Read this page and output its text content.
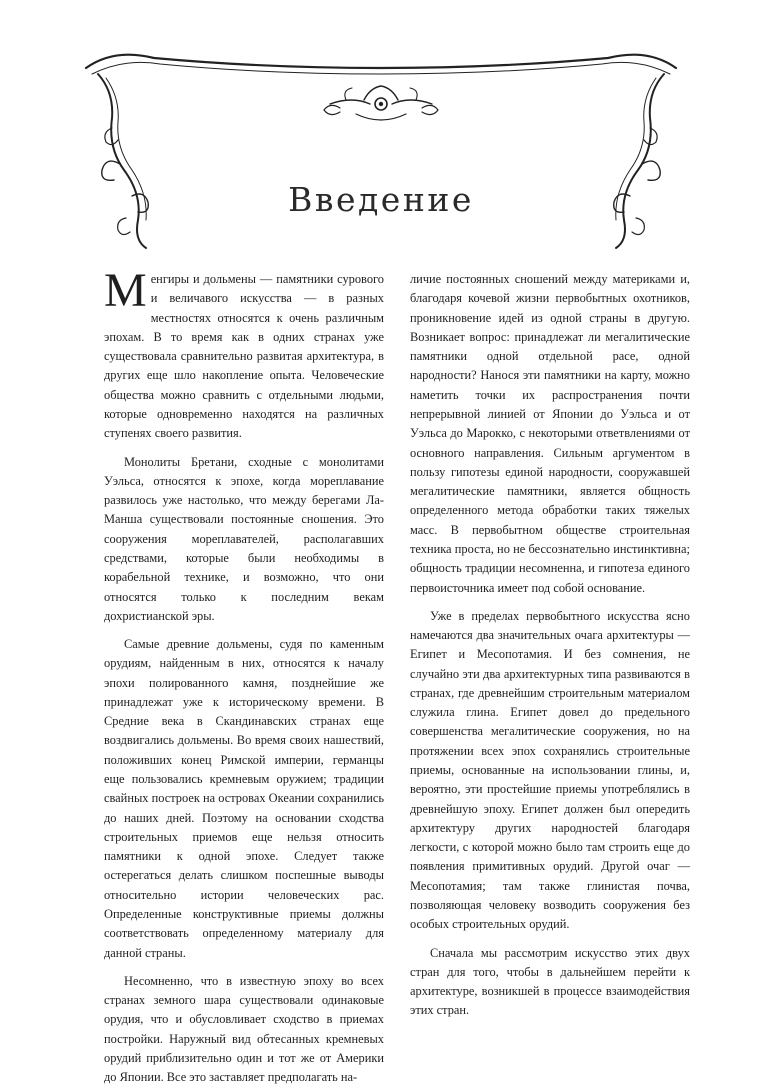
Введение

Менгиры и дольмены — памятники сурового и величавого искусства — в разных местностях относятся к очень различным эпохам. В то время как в одних странах уже существовала сравнительно развитая архитектура, в других еще шло накопление опыта. Человеческие общества можно сравнить с отдельными людьми, которые одновременно находятся на различных ступенях своего развития.

Монолиты Бретани, сходные с монолитами Уэльса, относятся к эпохе, когда мореплавание развилось уже настолько, что между берегами Ла-Манша существовали постоянные сношения. Это сооружения мореплавателей, располагавших средствами, которые были необходимы в корабельной технике, и возможно, что они относятся только к последним векам дохристианской эры.

Самые древние дольмены, судя по каменным орудиям, найденным в них, относятся к началу эпохи полированного камня, позднейшие же принадлежат уже к историческому времени. В Средние века в Скандинавских странах еще воздвигались дольмены. Во время своих нашествий, положивших конец Римской империи, германцы еще пользовались кремневым оружием; традиции свайных построек на островах Океании сохранились до наших дней. Поэтому на основании сходства строительных приемов еще нельзя относить памятники к одной эпохе. Следует также остерегаться делать слишком поспешные выводы относительно истории человеческих рас. Определенные конструктивные приемы должны соответствовать определенному материалу для данной страны.

Несомненно, что в известную эпоху во всех странах земного шара существовали одинаковые орудия, что и обусловливает сходство в приемах постройки. Наружный вид обтесанных кремневых орудий приблизительно один и тот же от Америки до Японии. Все это заставляет предполагать на-

личие постоянных сношений между материками и, благодаря кочевой жизни первобытных охотников, проникновение идей из одной страны в другую. Возникает вопрос: принадлежат ли мегалитические памятники одной отдельной расе, одной народности? Нанося эти памятники на карту, можно наметить точки их распространения почти непрерывной линией от Японии до Уэльса и от Уэльса до Марокко, с некоторыми ответвлениями от основного направления. Сильным аргументом в пользу гипотезы единой народности, сооружавшей мегалитические памятники, является общность определенного метода обработки таких тяжелых масс. В первобытном обществе строительная техника проста, но не бессознательно инстинктивна; общность традиции несомненна, и гипотеза единого первоисточника имеет под собой основание.

Уже в пределах первобытного искусства ясно намечаются два значительных очага архитектуры — Египет и Месопотамия. И без сомнения, не случайно эти два архитектурных типа развиваются в странах, где древнейшим строительным материалом служила глина. Египет довел до предельного совершенства мегалитические сооружения, но на протяжении всех эпох сохранялись строительные приемы, основанные на использовании глины, и, вероятно, эти простейшие приемы употреблялись в древнейшую эпоху. Египет должен был опередить архитектуру других народностей благодаря легкости, с которой можно было там строить еще до появления примитивных орудий. Другой очаг — Месопотамия; там также глинистая почва, позволяющая человеку возводить сооружения без особых строительных орудий.

Сначала мы рассмотрим искусство этих двух стран для того, чтобы в дальнейшем перейти к архитектуре, возникшей в процессе взаимодействия этих стран.
